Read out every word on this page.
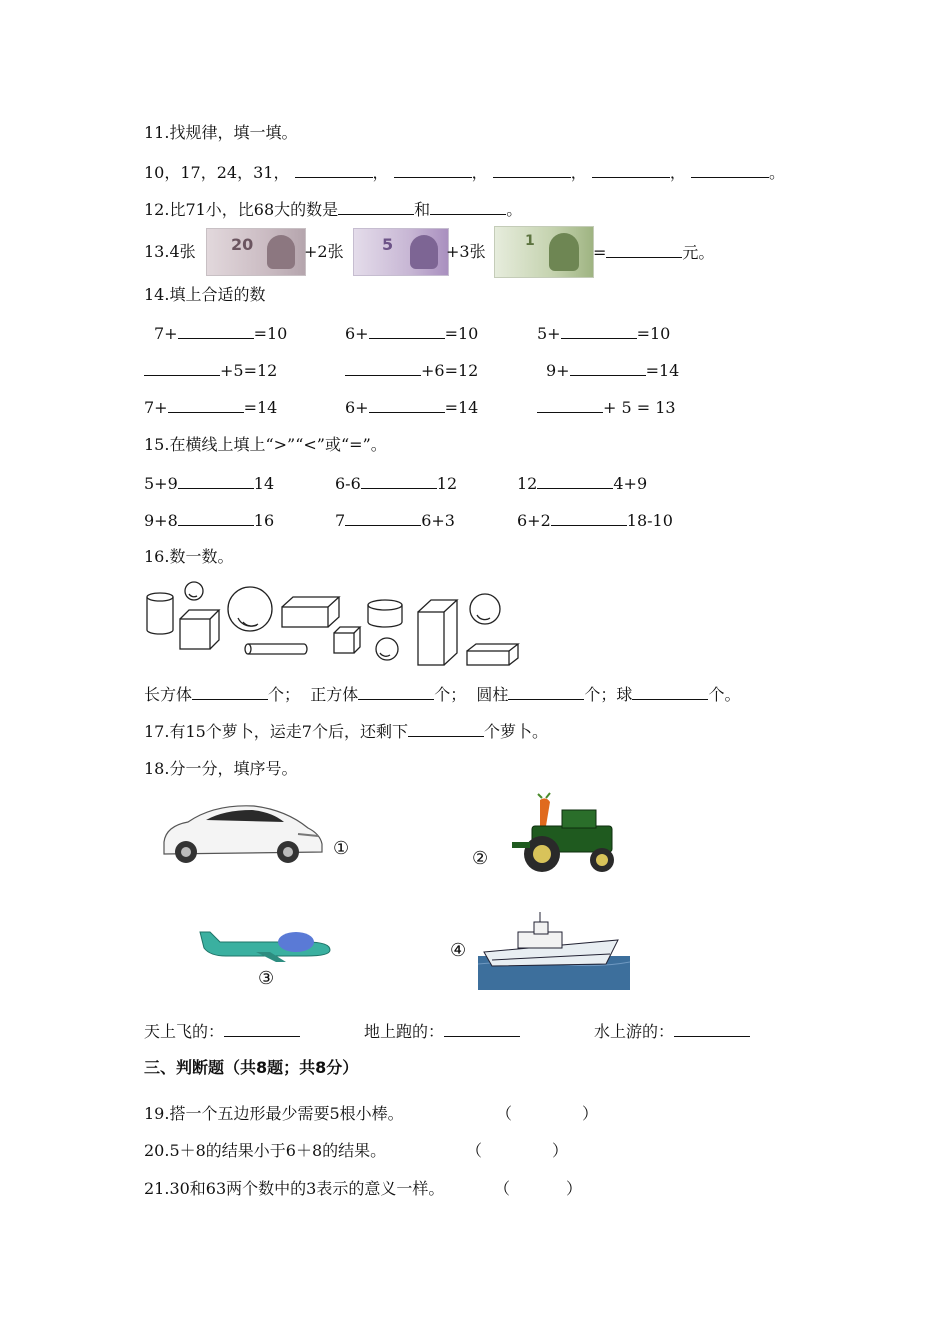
11.找规律，填一填。
10，17，24，31，	，	，	，	，	。
12.比71小，比68大的数是	和	。
13.4张 20	+2张 5	+3张
1
=	元。
14.填上合适的数
7+	=10	6+	=10	5+	=10
+5=12	+6=12	9+	=14
7+	=14	6+	=14	+ 5 = 13
15.在横线上填上“>”“<”或“=”。
5+9	14	6-6	12	12	4+9
9+8	16	7	6+3	6+2	18-10
16.数一数。
长方体	个； 正方体	个； 圆柱	个；球	个。
17.有15个萝卜，运走7个后，还剩下	个萝卜。
18.分一分，填序号。
①	②
③
④
天上飞的：	地上跑的：	水上游的：
三、判断题（共8题；共8分）
19.搭一个五边形最少需要5根小棒。	（	）
20.5＋8的结果小于6＋8的结果。	（	）
21.30和63两个数中的3表示的意义一样。	（	）
